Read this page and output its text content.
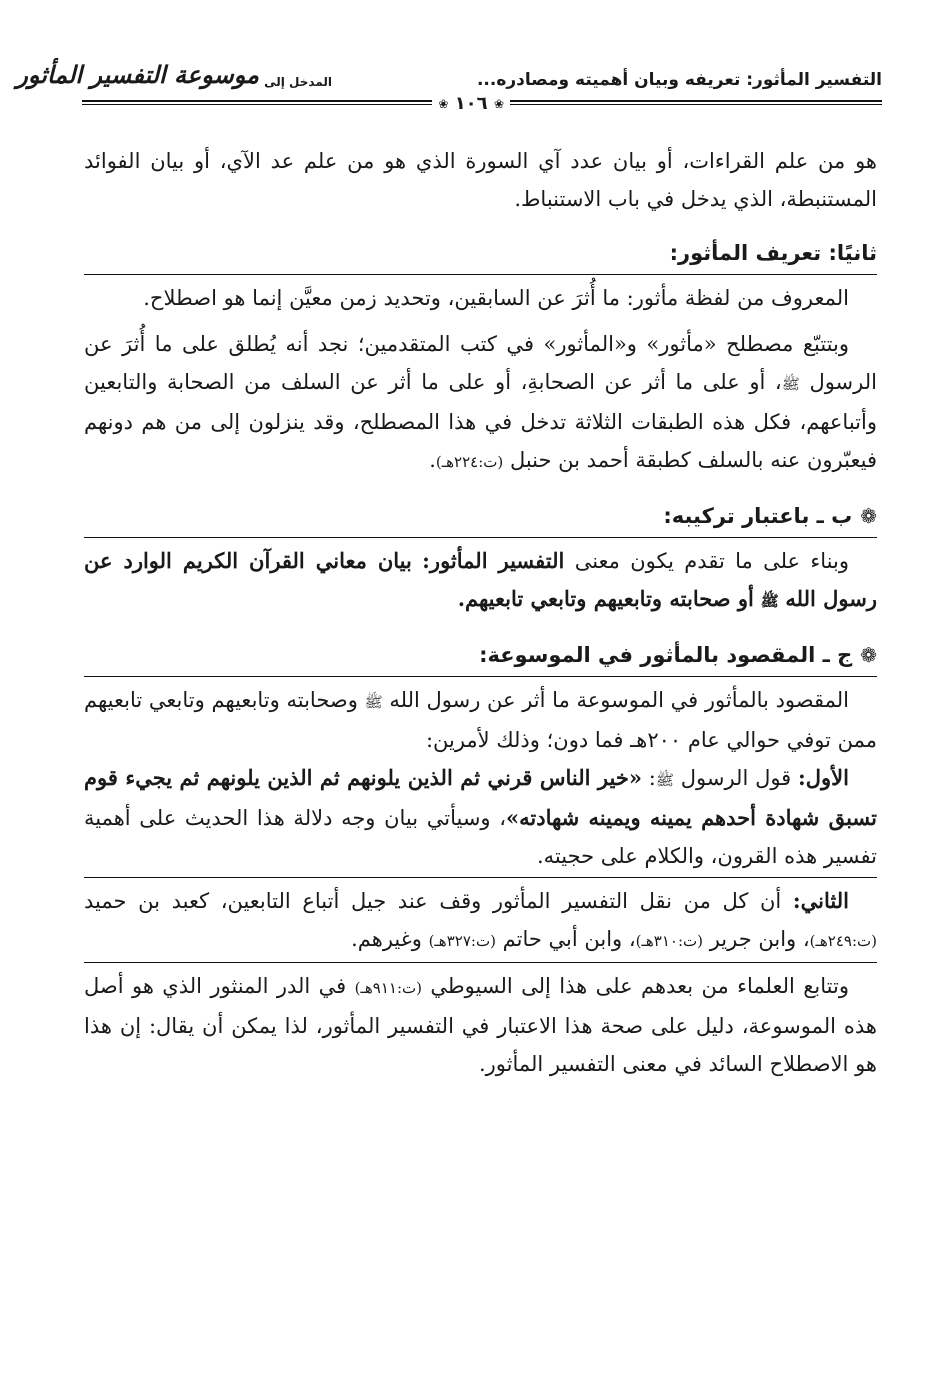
التفسير المأثور: تعريفه وبيان أهميته ومصادره...
المدخل إلى موسوعة التفسير المأثور
❀ ١٠٦ ❀

هو من علم القراءات، أو بيان عدد آي السورة الذي هو من علم عد الآي، أو بيان الفوائد المستنبطة، الذي يدخل في باب الاستنباط.

ثانيًا: تعريف المأثور:

المعروف من لفظة مأثور: ما أُثرَ عن السابقين، وتحديد زمن معيَّن إنما هو اصطلاح.

وبتتبّع مصطلح «مأثور» و«المأثور» في كتب المتقدمين؛ نجد أنه يُطلق على ما أُثرَ عن الرسول ﷺ، أو على ما أثر عن الصحابةِ، أو على ما أثر عن السلف من الصحابة والتابعين وأتباعهم، فكل هذه الطبقات الثلاثة تدخل في هذا المصطلح، وقد ينزلون إلى من هم دونهم فيعبّرون عنه بالسلف كطبقة أحمد بن حنبل (ت:٢٢٤هـ).

❁ب ـ باعتبار تركيبه:

وبناء على ما تقدم يكون معنى التفسير المأثور: بيان معاني القرآن الكريم الوارد عن رسول الله ﷺ أو صحابته وتابعيهم وتابعي تابعيهم.

❁ج ـ المقصود بالمأثور في الموسوعة:

المقصود بالمأثور في الموسوعة ما أثر عن رسول الله ﷺ وصحابته وتابعيهم وتابعي تابعيهم ممن توفي حوالي عام ٢٠٠هـ فما دون؛ وذلك لأمرين:

الأول: قول الرسول ﷺ: «خير الناس قرني ثم الذين يلونهم ثم الذين يلونهم ثم يجيء قوم تسبق شهادة أحدهم يمينه ويمينه شهادته»، وسيأتي بيان وجه دلالة هذا الحديث على أهمية تفسير هذه القرون، والكلام على حجيته.

الثاني: أن كل من نقل التفسير المأثور وقف عند جيل أتباع التابعين، كعبد بن حميد (ت:٢٤٩هـ)، وابن جرير (ت:٣١٠هـ)، وابن أبي حاتم (ت:٣٢٧هـ) وغيرهم.

وتتابع العلماء من بعدهم على هذا إلى السيوطي (ت:٩١١هـ) في الدر المنثور الذي هو أصل هذه الموسوعة، دليل على صحة هذا الاعتبار في التفسير المأثور، لذا يمكن أن يقال: إن هذا هو الاصطلاح السائد في معنى التفسير المأثور.
